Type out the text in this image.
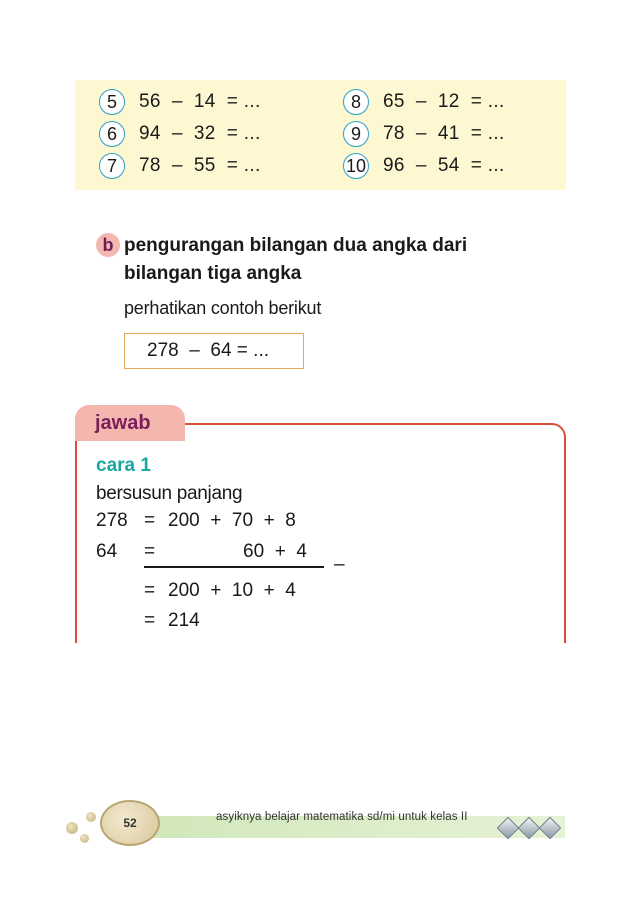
5	56  –  14  = ...
6	94  –  32  = ...
7	78  –  55  = ...
8	65  –  12  = ...
9	78  –  41  = ...
10 96  –  54  = ...
b pengurangan bilangan dua angka dari
bilangan tiga angka
perhatikan contoh berikut
278  –  64 = ...
jawab
cara 1
bersusun panjang
278 = 200  +  70  +  8
64 =	60  +  4
–
= 200  +  10  +  4
= 214
52	asyiknya belajar matematika sd/mi untuk kelas II
